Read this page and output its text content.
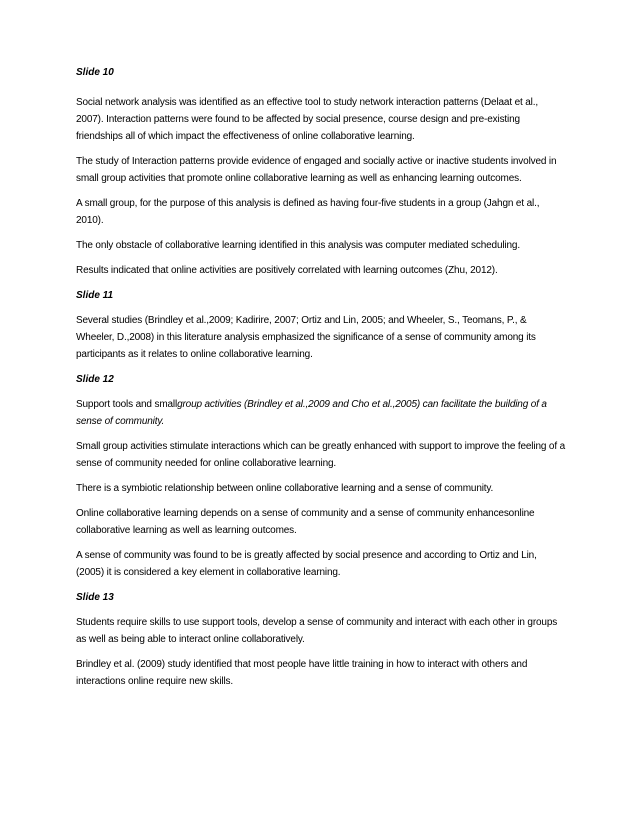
Slide 10

Social network analysis was identified as an effective tool to study network interaction patterns (Delaat et al., 2007). Interaction patterns were found to be affected by social presence, course design and pre-existing friendships all of which impact the effectiveness of online collaborative learning.

The study of Interaction patterns provide evidence of engaged and socially active or inactive students involved in small group activities that promote online collaborative learning as well as enhancing learning outcomes.

A small group, for the purpose of this analysis is defined as having four-five students in a group (Jahgn et al., 2010).

The only obstacle of collaborative learning identified in this analysis was computer mediated scheduling.

Results indicated that online activities are positively correlated with learning outcomes (Zhu, 2012).

Slide 11

Several studies (Brindley et al.,2009; Kadirire, 2007; Ortiz and Lin, 2005; and Wheeler, S., Teomans, P., & Wheeler, D.,2008) in this literature analysis emphasized the significance of a sense of community among its participants as it relates to online collaborative learning.

Slide 12

Support tools and smallgroup activities (Brindley et al.,2009 and Cho et al.,2005) can facilitate the building of a sense of community.

Small group activities stimulate interactions which can be greatly enhanced with support to improve the feeling of a sense of community needed for online collaborative learning.

There is a symbiotic relationship between online collaborative learning and a sense of community.

Online collaborative learning depends on a sense of community and a sense of community enhancesonline collaborative learning as well as learning outcomes.

A sense of community was found to be is greatly affected by social presence and according to Ortiz and Lin, (2005) it is considered a key element in collaborative learning.

Slide 13

Students require skills to use support tools, develop a sense of community and interact with each other in groups as well as being able to interact online collaboratively.

Brindley et al. (2009) study identified that most people have little training in how to interact with others and interactions online require new skills.
